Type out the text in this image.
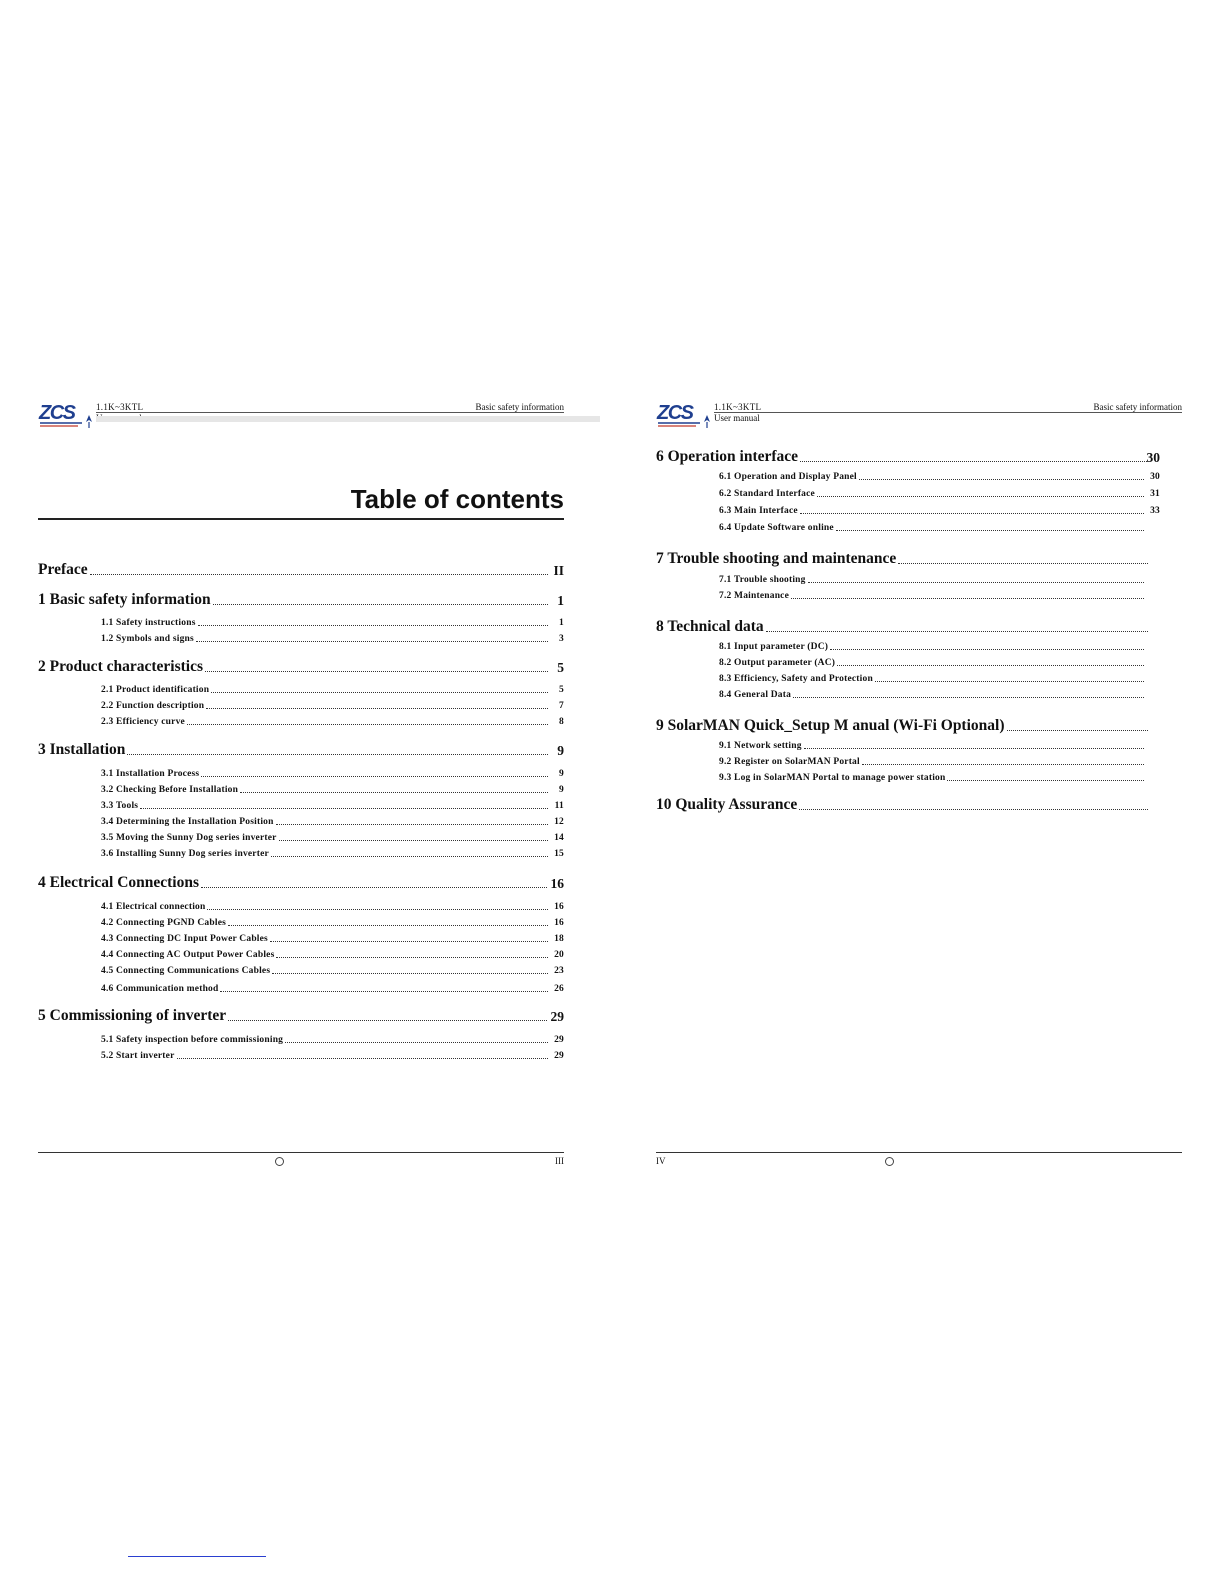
ZCS 1.1K~3KTL	Basic safety information
Table of contents
Preface	II
1 Basic safety information	1
1.1 Safety instructions	1
1.2 Symbols and signs	3
2 Product characteristics	5
2.1 Product identification	5
2.2 Function description	7
2.3 Efficiency curve	8
3 Installation	9
3.1 Installation Process	9
3.2 Checking Before Installation	9
3.3 Tools	11
3.4 Determining the Installation Position	12
3.5 Moving the Sunny Dog series inverter	14
3.6 Installing Sunny Dog series inverter	15
4 Electrical Connections	16
4.1 Electrical connection	16
4.2 Connecting PGND Cables	16
4.3 Connecting DC Input Power Cables	18
4.4 Connecting AC Output Power Cables	20
4.5 Connecting Communications Cables	23
4.6 Communication method	26
5 Commissioning of inverter	29
5.1 Safety inspection before commissioning	29
5.2 Start inverter	29
III
ZCS 1.1K~3KTL
User manual
Basic safety information
6 Operation interface	30
6.1 Operation and Display Panel	30
6.2 Standard Interface	31
6.3 Main Interface	33
6.4 Update Software online
7 Trouble shooting and maintenance
7.1 Trouble shooting
7.2 Maintenance
8 Technical data
8.1 Input parameter (DC)
8.2 Output parameter (AC)
8.3 Efficiency, Safety and Protection
8.4 General Data
9 SolarMAN Quick_Setup M anual (Wi-Fi Optional)
9.1 Network setting
9.2 Register on SolarMAN Portal
9.3 Log in SolarMAN Portal to manage power station
10 Quality Assurance
IV
